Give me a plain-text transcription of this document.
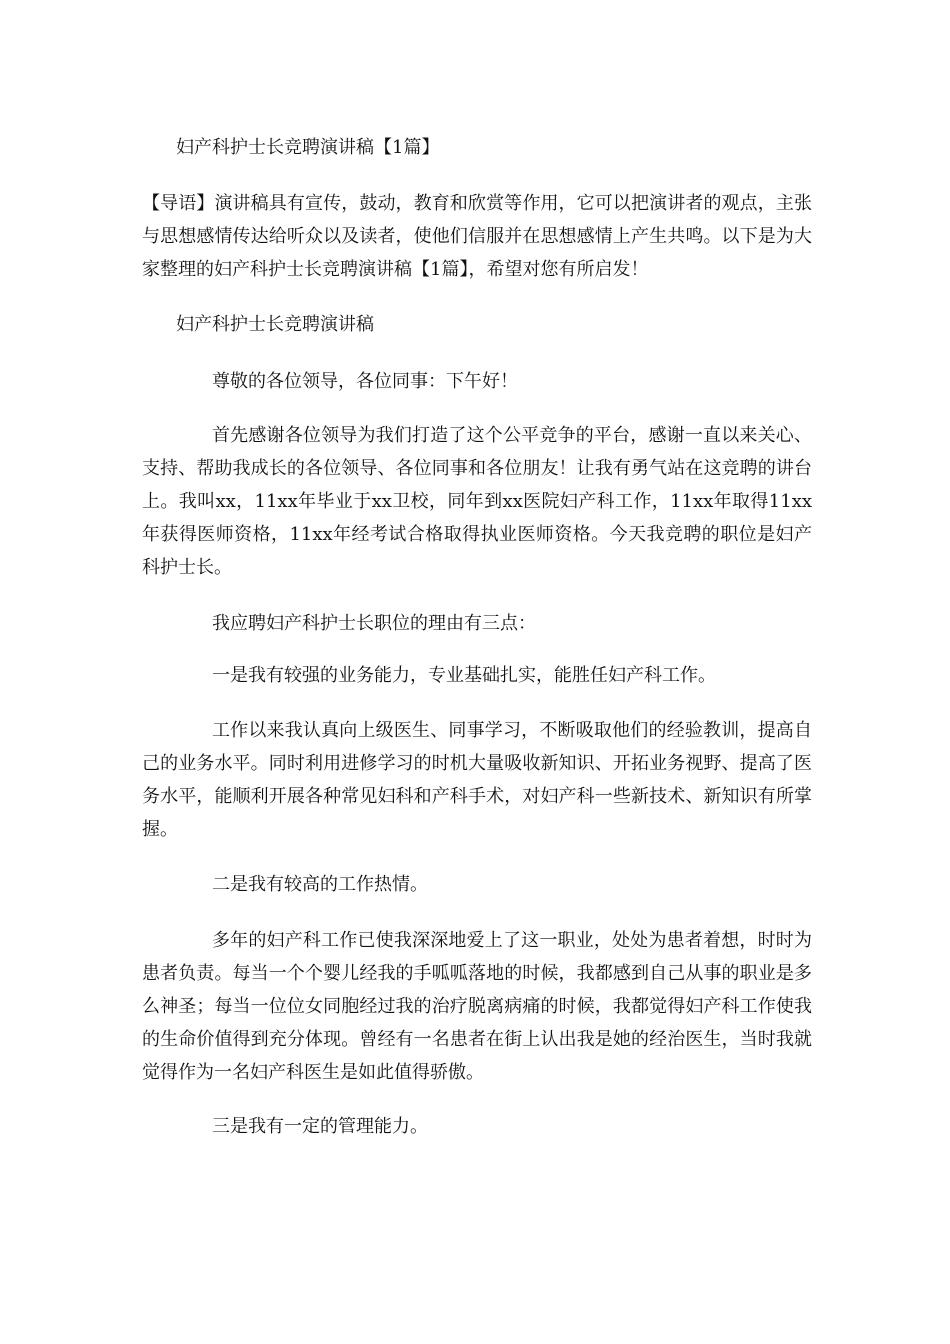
妇产科护士长竞聘演讲稿【1篇】

【导语】演讲稿具有宣传，鼓动，教育和欣赏等作用，它可以把演讲者的观点，主张与思想感情传达给听众以及读者，使他们信服并在思想感情上产生共鸣。以下是为大家整理的妇产科护士长竞聘演讲稿【1篇】，希望对您有所启发！

妇产科护士长竞聘演讲稿
尊敬的各位领导，各位同事：下午好！

首先感谢各位领导为我们打造了这个公平竞争的平台，感谢一直以来关心、支持、帮助我成长的各位领导、各位同事和各位朋友！让我有勇气站在这竞聘的讲台上。我叫xx，11xx年毕业于xx卫校，同年到xx医院妇产科工作，11xx年取得11xx年获得医师资格，11xx年经考试合格取得执业医师资格。今天我竞聘的职位是妇产科护士长。

我应聘妇产科护士长职位的理由有三点：
一是我有较强的业务能力，专业基础扎实，能胜任妇产科工作。

工作以来我认真向上级医生、同事学习，不断吸取他们的经验教训，提高自己的业务水平。同时利用进修学习的时机大量吸收新知识、开拓业务视野、提高了医务水平，能顺利开展各种常见妇科和产科手术，对妇产科一些新技术、新知识有所掌握。

二是我有较高的工作热情。

多年的妇产科工作已使我深深地爱上了这一职业，处处为患者着想，时时为患者负责。每当一个个婴儿经我的手呱呱落地的时候，我都感到自己从事的职业是多么神圣；每当一位位女同胞经过我的治疗脱离病痛的时候，我都觉得妇产科工作使我的生命价值得到充分体现。曾经有一名患者在街上认出我是她的经治医生，当时我就觉得作为一名妇产科医生是如此值得骄傲。

三是我有一定的管理能力。
